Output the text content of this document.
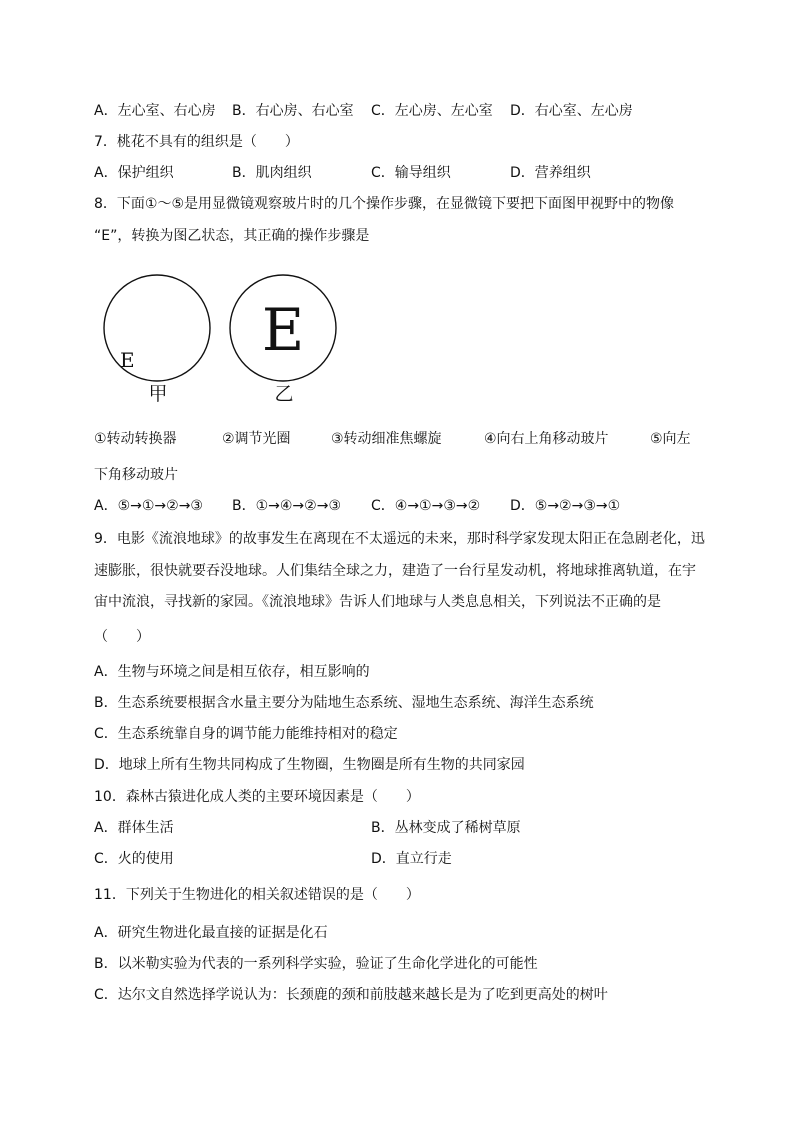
A．左心室、右心房 B．右心房、右心室 C．左心房、左心室 D．右心室、左心房
7．桃花不具有的组织是（　　）
A．保护组织	B．肌肉组织	C．输导组织	D．营养组织
8．下面①～⑤是用显微镜观察玻片时的几个操作步骤，在显微镜下要把下面图甲视野中的物像
“E”，转换为图乙状态，其正确的操作步骤是
E E
甲	乙
①转动转换器	②调节光圈	③转动细准焦螺旋	④向右上角移动玻片	⑤向左
下角移动玻片
A．⑤→①→②→③ B．①→④→②→③ C．④→①→③→② D．⑤→②→③→①
9．电影《流浪地球》的故事发生在离现在不太遥远的未来，那时科学家发现太阳正在急剧老化，迅
速膨胀，很快就要吞没地球。人们集结全球之力，建造了一台行星发动机，将地球推离轨道，在宇
宙中流浪，寻找新的家园。《流浪地球》告诉人们地球与人类息息相关，下列说法不正确的是
（　　）
A．生物与环境之间是相互依存，相互影响的
B．生态系统要根据含水量主要分为陆地生态系统、湿地生态系统、海洋生态系统
C．生态系统靠自身的调节能力能维持相对的稳定
D．地球上所有生物共同构成了生物圈，生物圈是所有生物的共同家园
10．森林古猿进化成人类的主要环境因素是（　　）
A．群体生活	B．丛林变成了稀树草原
C．火的使用	D．直立行走
11．下列关于生物进化的相关叙述错误的是（　　）
A．研究生物进化最直接的证据是化石
B．以米勒实验为代表的一系列科学实验，验证了生命化学进化的可能性
C．达尔文自然选择学说认为：长颈鹿的颈和前肢越来越长是为了吃到更高处的树叶
